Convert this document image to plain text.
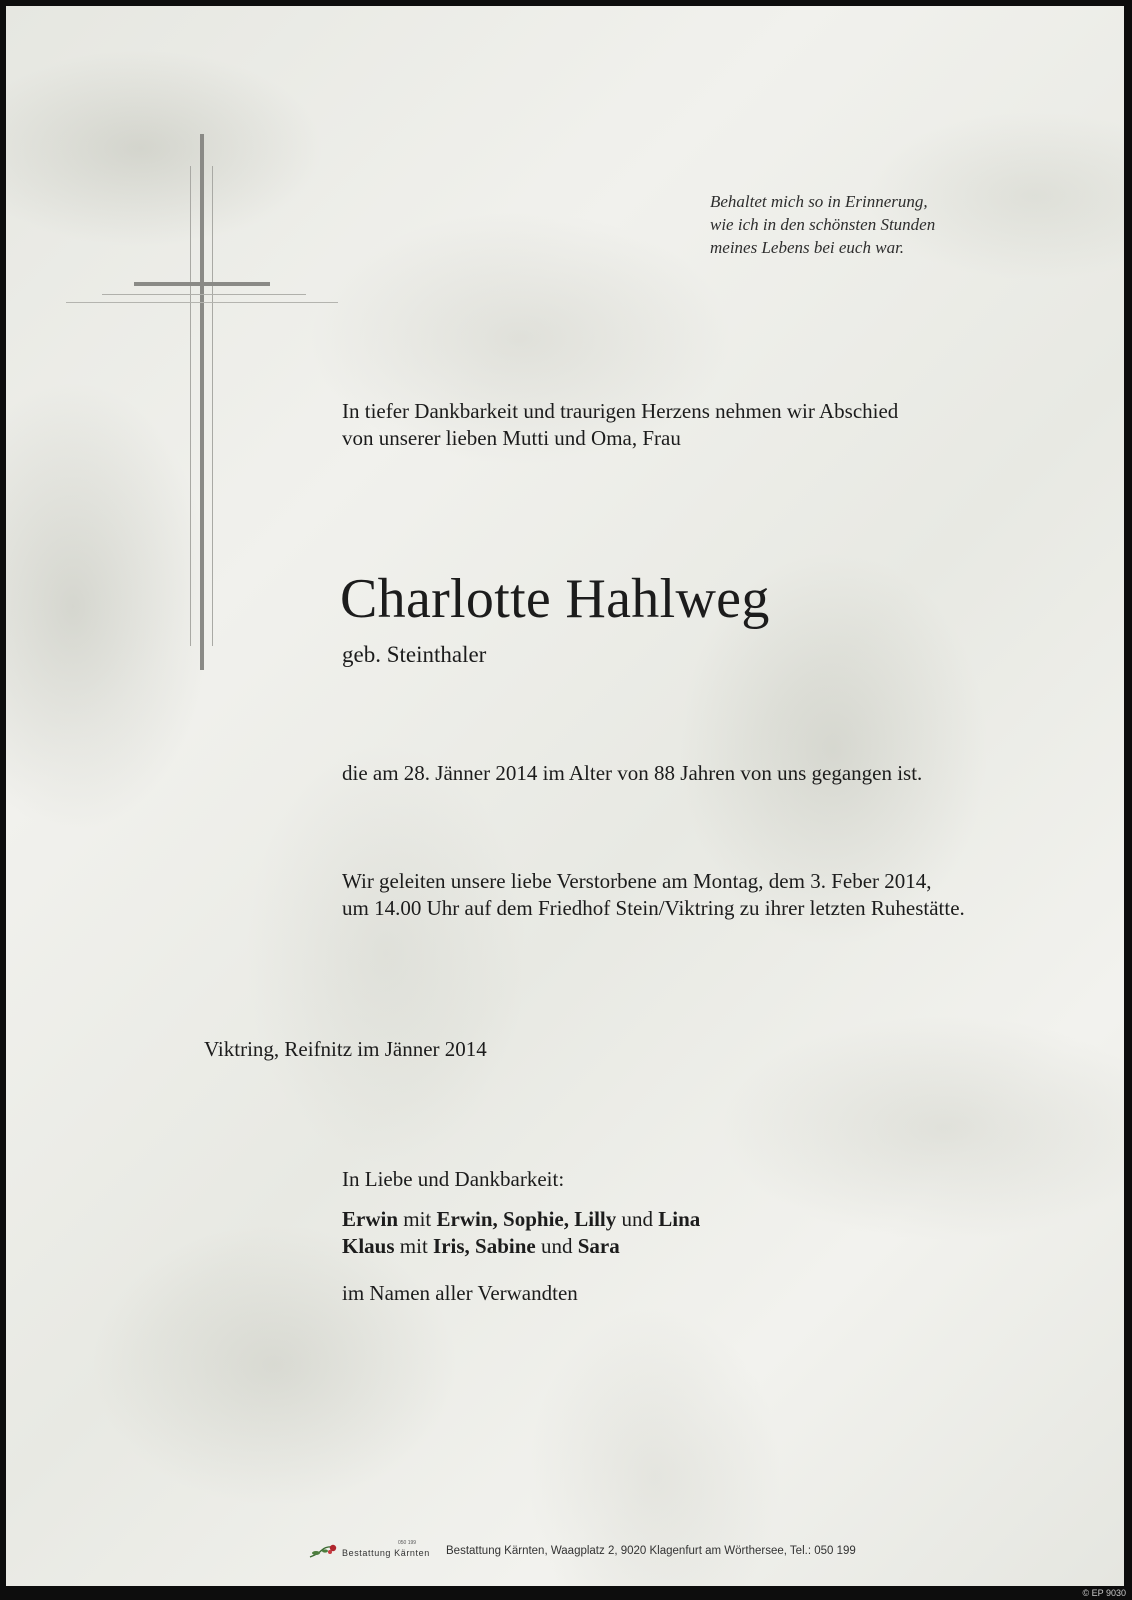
Behaltet mich so in Erinnerung,
wie ich in den schönsten Stunden
meines Lebens bei euch war.
In tiefer Dankbarkeit und traurigen Herzens nehmen wir Abschied
von unserer lieben Mutti und Oma, Frau
Charlotte Hahlweg
geb. Steinthaler
die am 28. Jänner 2014 im Alter von 88 Jahren von uns gegangen ist.
Wir geleiten unsere liebe Verstorbene am Montag, dem 3. Feber 2014,
um 14.00 Uhr auf dem Friedhof Stein/Viktring zu ihrer letzten Ruhestätte.
Viktring, Reifnitz im Jänner 2014
In Liebe und Dankbarkeit:
Erwin mit Erwin, Sophie, Lilly und Lina
Klaus mit Iris, Sabine und Sara
im Namen aller Verwandten
050 199
Bestattung Kärnten Bestattung Kärnten, Waagplatz 2, 9020 Klagenfurt am Wörthersee, Tel.: 050 199
© EP 9030
